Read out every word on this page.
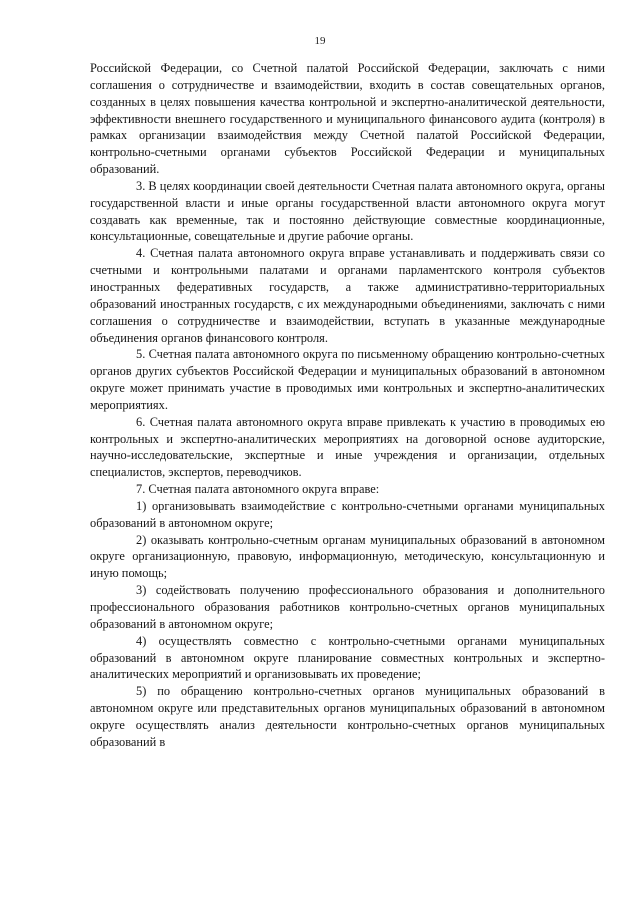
19

Российской Федерации, со Счетной палатой Российской Федерации, заключать с ними соглашения о сотрудничестве и взаимодействии, входить в состав совещательных органов, созданных в целях повышения качества контрольной и экспертно-аналитической деятельности, эффективности внешнего государственного и муниципального финансового аудита (контроля) в рамках организации взаимодействия между Счетной палатой Российской Федерации, контрольно-счетными органами субъектов Российской Федерации и муниципальных образований.

3. В целях координации своей деятельности Счетная палата автономного округа, органы государственной власти и иные органы государственной власти автономного округа могут создавать как временные, так и постоянно действующие совместные координационные, консультационные, совещательные и другие рабочие органы.

4. Счетная палата автономного округа вправе устанавливать и поддерживать связи со счетными и контрольными палатами и органами парламентского контроля субъектов иностранных федеративных государств, а также административно-территориальных образований иностранных государств, с их международными объединениями, заключать с ними соглашения о сотрудничестве и взаимодействии, вступать в указанные международные объединения органов финансового контроля.

5. Счетная палата автономного округа по письменному обращению контрольно-счетных органов других субъектов Российской Федерации и муниципальных образований в автономном округе может принимать участие в проводимых ими контрольных и экспертно-аналитических мероприятиях.

6. Счетная палата автономного округа вправе привлекать к участию в проводимых ею контрольных и экспертно-аналитических мероприятиях на договорной основе аудиторские, научно-исследовательские, экспертные и иные учреждения и организации, отдельных специалистов, экспертов, переводчиков.

7. Счетная палата автономного округа вправе:

1) организовывать взаимодействие с контрольно-счетными органами муниципальных образований в автономном округе;

2) оказывать контрольно-счетным органам муниципальных образований в автономном округе организационную, правовую, информационную, методическую, консультационную и иную помощь;

3) содействовать получению профессионального образования и дополнительного профессионального образования работников контрольно-счетных органов муниципальных образований в автономном округе;

4) осуществлять совместно с контрольно-счетными органами муниципальных образований в автономном округе планирование совместных контрольных и экспертно-аналитических мероприятий и организовывать их проведение;

5) по обращению контрольно-счетных органов муниципальных образований в автономном округе или представительных органов муниципальных образований в автономном округе осуществлять анализ деятельности контрольно-счетных органов муниципальных образований в
